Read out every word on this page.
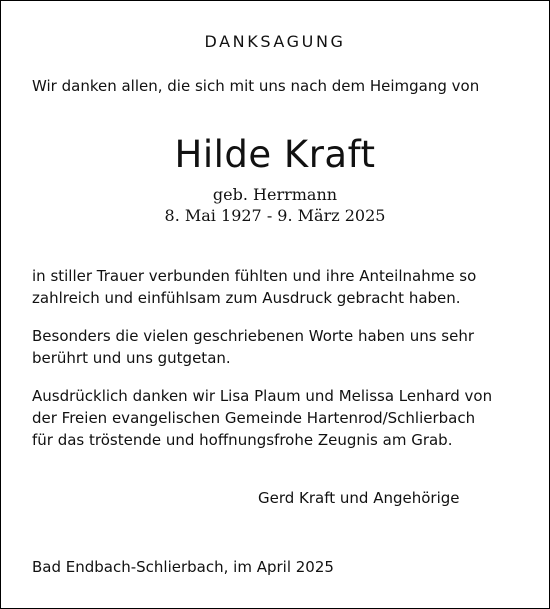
DANKSAGUNG
Wir danken allen, die sich mit uns nach dem Heimgang von
Hilde Kraft
geb. Herrmann
8. Mai 1927 - 9. März 2025
in stiller Trauer verbunden fühlten und ihre Anteilnahme so
zahlreich und einfühlsam zum Ausdruck gebracht haben.
Besonders die vielen geschriebenen Worte haben uns sehr
berührt und uns gutgetan.
Ausdrücklich danken wir Lisa Plaum und Melissa Lenhard von
der Freien evangelischen Gemeinde Hartenrod/Schlierbach
für das tröstende und hoffnungsfrohe Zeugnis am Grab.
Gerd Kraft und Angehörige
Bad Endbach-Schlierbach, im April 2025
